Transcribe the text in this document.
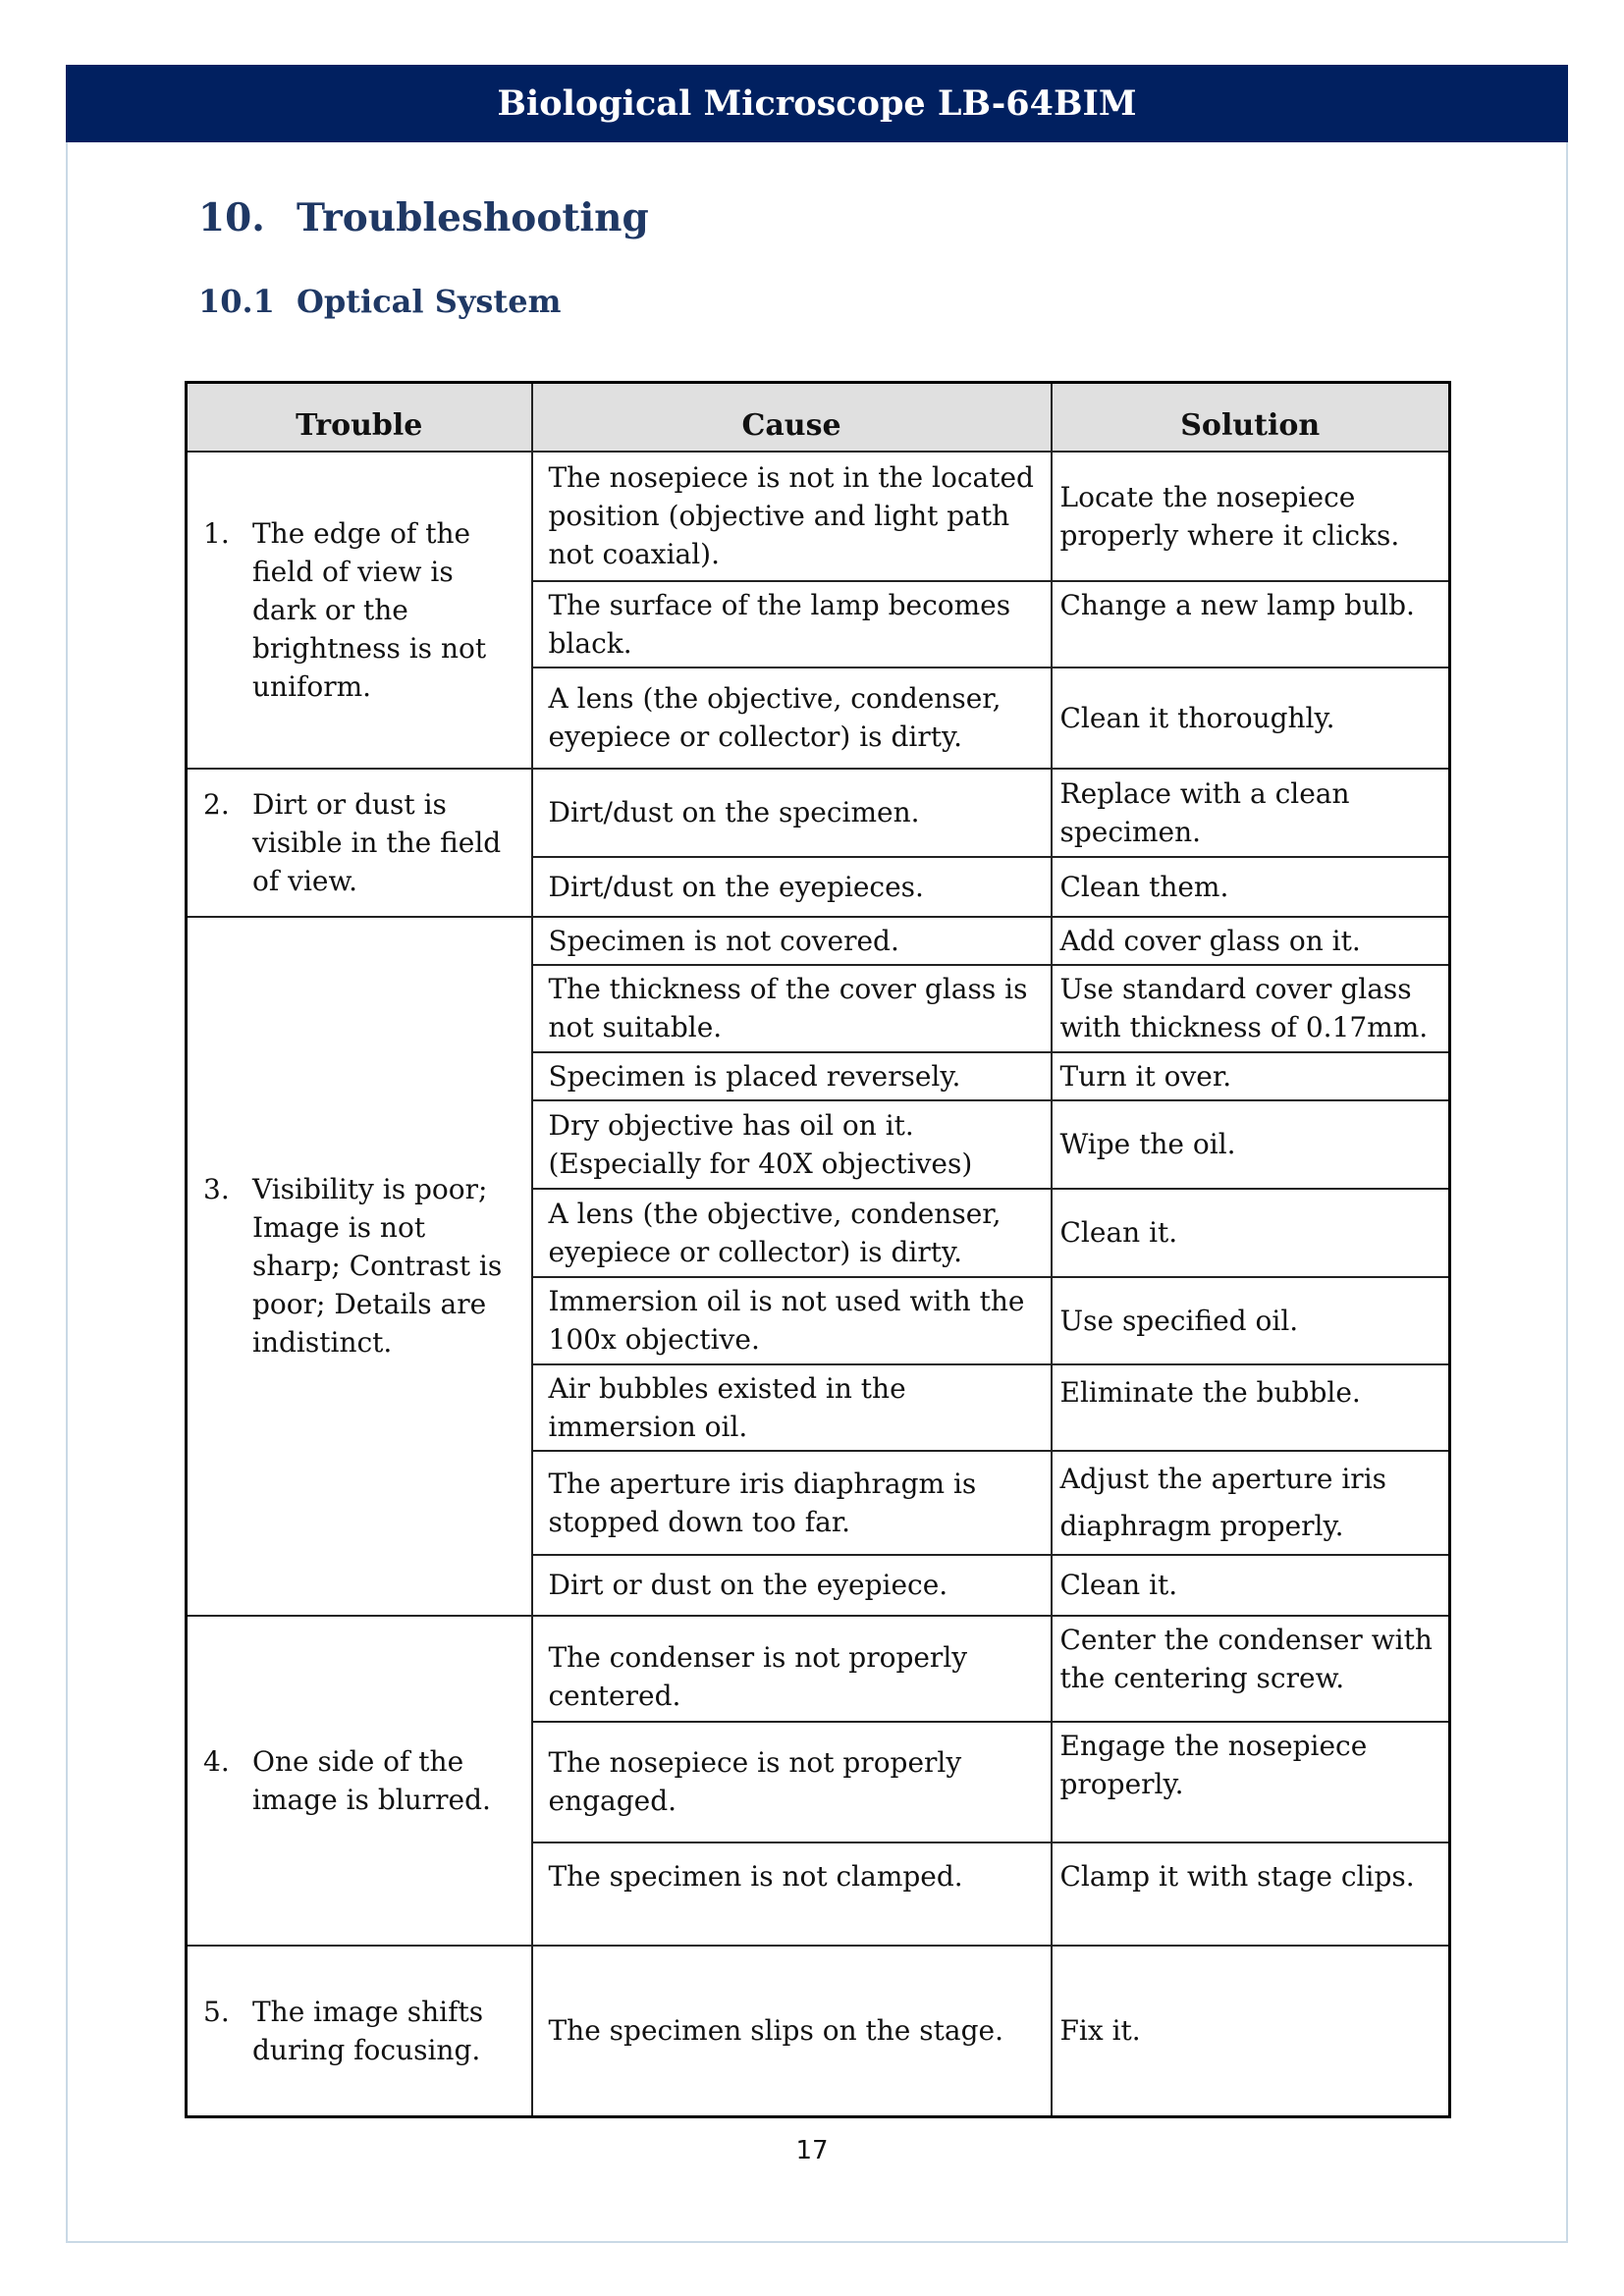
Biological Microscope LB-64BIM
10. Troubleshooting
10.1 Optical System
Trouble	Cause	Solution

1. The edge of the field of view is dark or the brightness is not uniform.	The nosepiece is not in the located position (objective and light path not coaxial).	Locate the nosepiece properly where it clicks.
	The surface of the lamp becomes black.	Change a new lamp bulb.
	A lens (the objective, condenser, eyepiece or collector) is dirty.	Clean it thoroughly.

2. Dirt or dust is visible in the field of view.	Dirt/dust on the specimen.	Replace with a clean specimen.
	Dirt/dust on the eyepieces.	Clean them.

3. Visibility is poor; Image is not sharp; Contrast is poor; Details are indistinct.	Specimen is not covered.	Add cover glass on it.
	The thickness of the cover glass is not suitable.	Use standard cover glass with thickness of 0.17mm.
	Specimen is placed reversely.	Turn it over.
	Dry objective has oil on it. (Especially for 40X objectives)	Wipe the oil.
	A lens (the objective, condenser, eyepiece or collector) is dirty.	Clean it.
	Immersion oil is not used with the 100x objective.	Use specified oil.
	Air bubbles existed in the immersion oil.	Eliminate the bubble.
	The aperture iris diaphragm is stopped down too far.	Adjust the aperture iris diaphragm properly.
	Dirt or dust on the eyepiece.	Clean it.

4. One side of the image is blurred.	The condenser is not properly centered.	Center the condenser with the centering screw.
	The nosepiece is not properly engaged.	Engage the nosepiece properly.
	The specimen is not clamped.	Clamp it with stage clips.

5. The image shifts during focusing.	The specimen slips on the stage.	Fix it.
17
